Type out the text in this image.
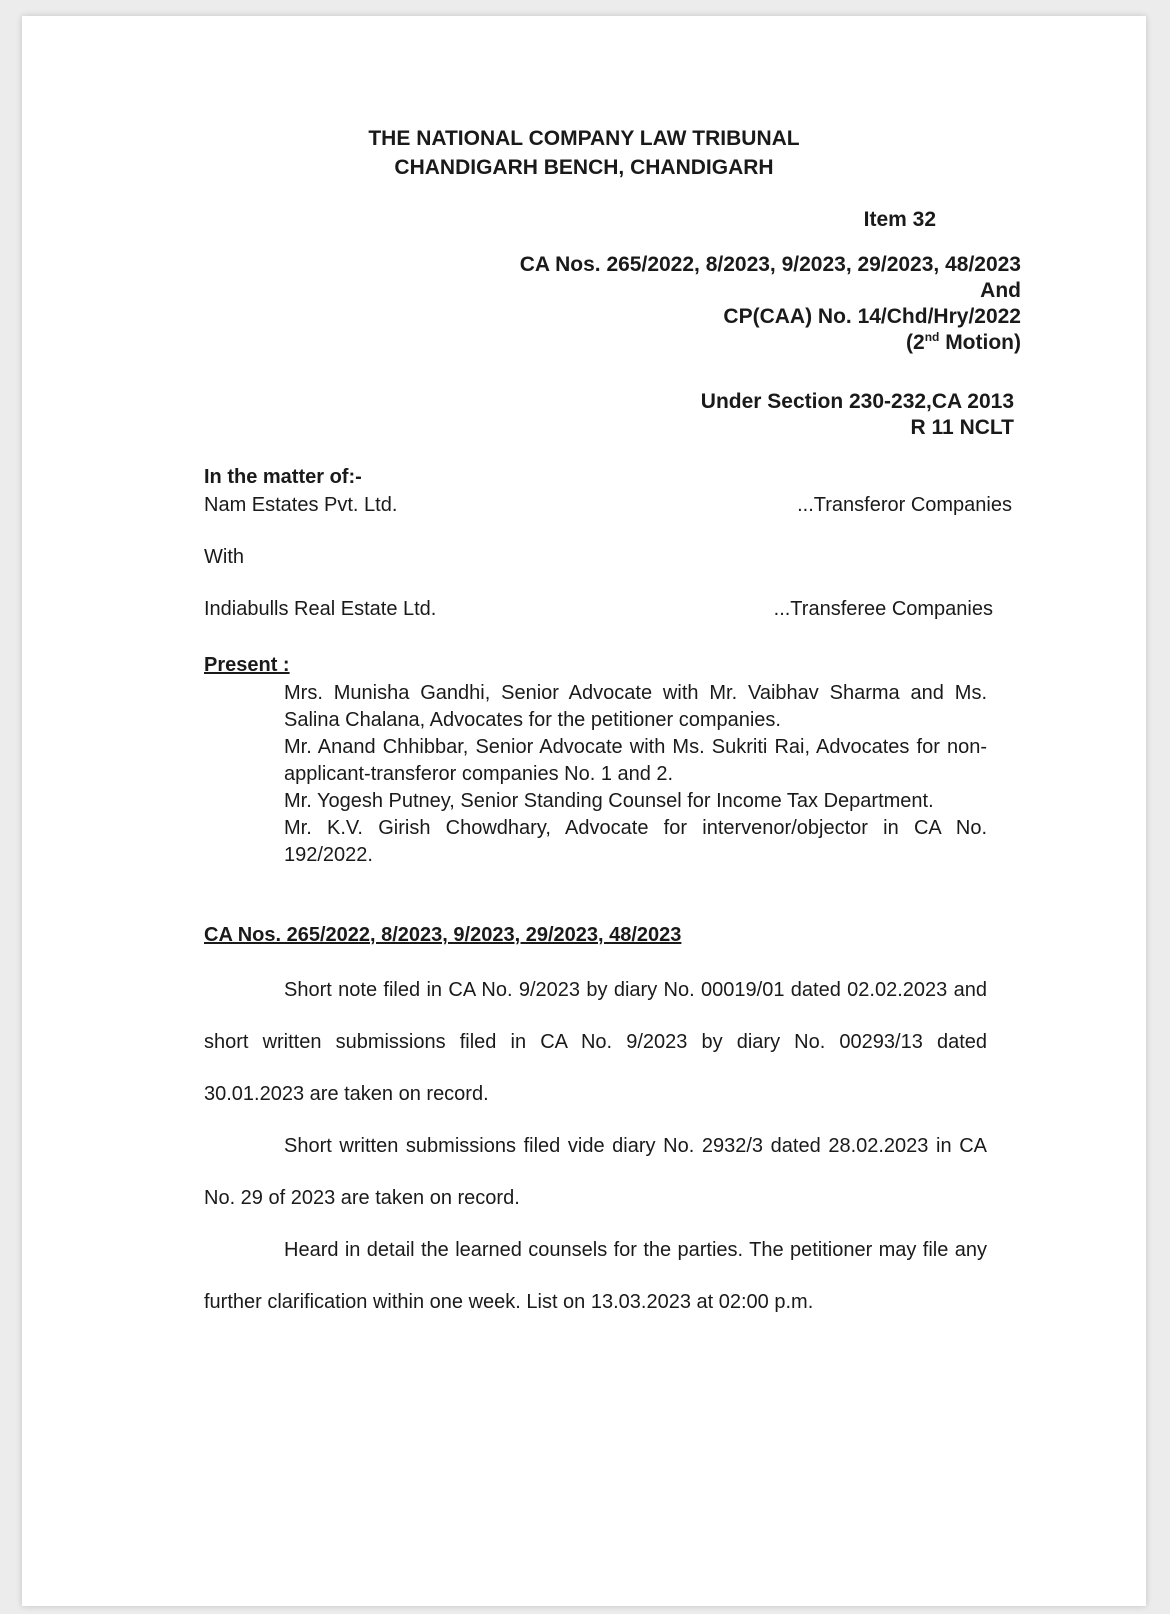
THE NATIONAL COMPANY LAW TRIBUNAL
CHANDIGARH BENCH, CHANDIGARH
Item 32
CA Nos. 265/2022, 8/2023, 9/2023, 29/2023, 48/2023
And
CP(CAA) No. 14/Chd/Hry/2022
(2nd Motion)
Under Section 230-232,CA 2013
R 11 NCLT
In the matter of:-
Nam Estates Pvt. Ltd.	...Transferor Companies
With
Indiabulls Real Estate Ltd.	...Transferee Companies
Present :
Mrs. Munisha Gandhi, Senior Advocate with Mr. Vaibhav Sharma and Ms. Salina Chalana, Advocates for the petitioner companies.
Mr. Anand Chhibbar, Senior Advocate with Ms. Sukriti Rai, Advocates for non-applicant-transferor companies No. 1 and 2.
Mr. Yogesh Putney, Senior Standing Counsel for Income Tax Department.
Mr. K.V. Girish Chowdhary, Advocate for intervenor/objector in CA No. 192/2022.
CA Nos. 265/2022, 8/2023, 9/2023, 29/2023, 48/2023

Short note filed in CA No. 9/2023 by diary No. 00019/01 dated 02.02.2023 and short written submissions filed in CA No. 9/2023 by diary No. 00293/13 dated 30.01.2023 are taken on record.

Short written submissions filed vide diary No. 2932/3 dated 28.02.2023 in CA No. 29 of 2023 are taken on record.

Heard in detail the learned counsels for the parties. The petitioner may file any further clarification within one week. List on 13.03.2023 at 02:00 p.m.
